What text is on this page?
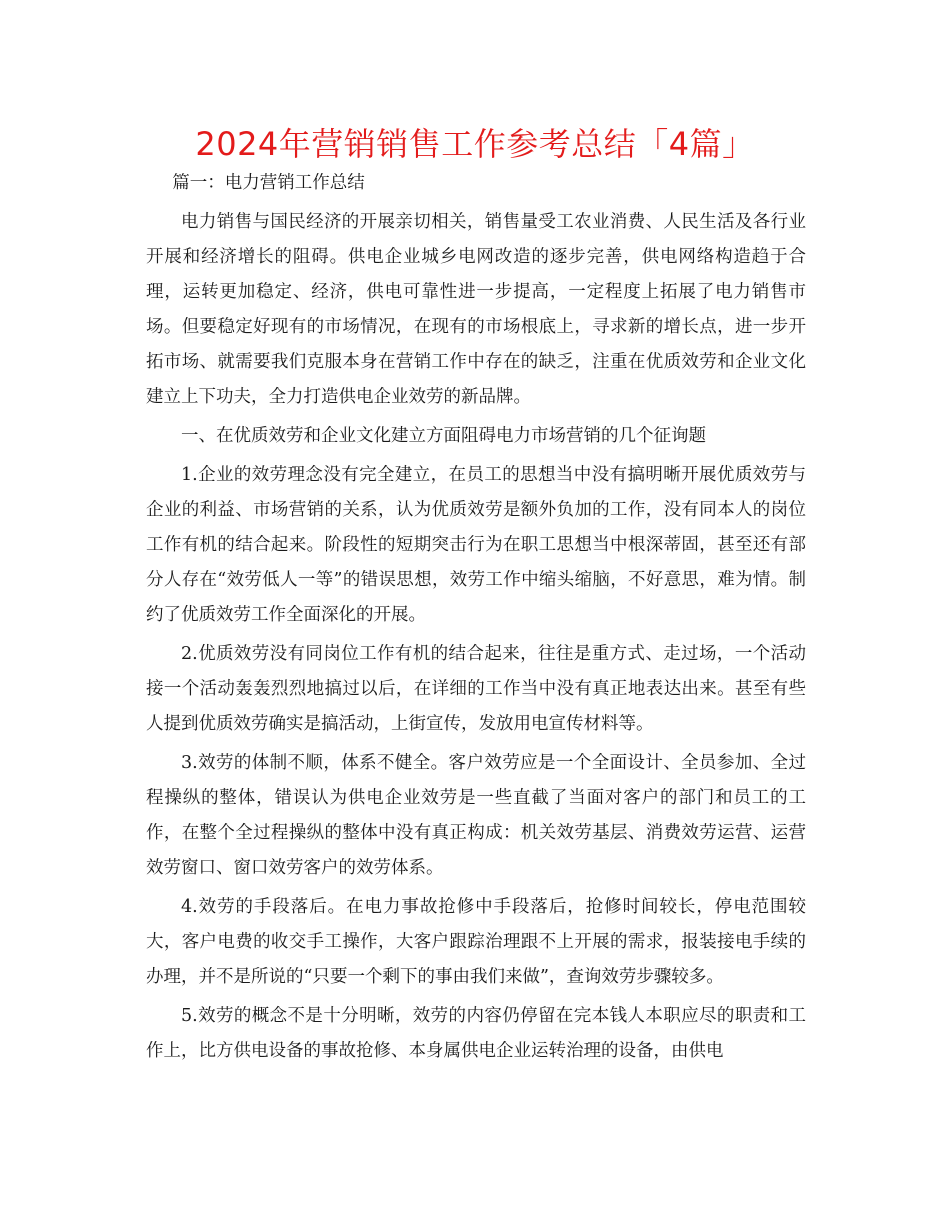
2024年营销销售工作参考总结「4篇」

篇一：电力营销工作总结

电力销售与国民经济的开展亲切相关，销售量受工农业消费、人民生活及各行业开展和经济增长的阻碍。供电企业城乡电网改造的逐步完善，供电网络构造趋于合理，运转更加稳定、经济，供电可靠性进一步提高，一定程度上拓展了电力销售市场。但要稳定好现有的市场情况，在现有的市场根底上，寻求新的增长点，进一步开拓市场、就需要我们克服本身在营销工作中存在的缺乏，注重在优质效劳和企业文化建立上下功夫，全力打造供电企业效劳的新品牌。

一、在优质效劳和企业文化建立方面阻碍电力市场营销的几个征询题

1.企业的效劳理念没有完全建立，在员工的思想当中没有搞明晰开展优质效劳与企业的利益、市场营销的关系，认为优质效劳是额外负加的工作，没有同本人的岗位工作有机的结合起来。阶段性的短期突击行为在职工思想当中根深蒂固，甚至还有部分人存在“效劳低人一等”的错误思想，效劳工作中缩头缩脑，不好意思，难为情。制约了优质效劳工作全面深化的开展。

2.优质效劳没有同岗位工作有机的结合起来，往往是重方式、走过场，一个活动接一个活动轰轰烈烈地搞过以后，在详细的工作当中没有真正地表达出来。甚至有些人提到优质效劳确实是搞活动，上街宣传，发放用电宣传材料等。

3.效劳的体制不顺，体系不健全。客户效劳应是一个全面设计、全员参加、全过程操纵的整体，错误认为供电企业效劳是一些直截了当面对客户的部门和员工的工作，在整个全过程操纵的整体中没有真正构成：机关效劳基层、消费效劳运营、运营效劳窗口、窗口效劳客户的效劳体系。

4.效劳的手段落后。在电力事故抢修中手段落后，抢修时间较长，停电范围较大，客户电费的收交手工操作，大客户跟踪治理跟不上开展的需求，报装接电手续的办理，并不是所说的“只要一个剩下的事由我们来做”，查询效劳步骤较多。

5.效劳的概念不是十分明晰，效劳的内容仍停留在完本钱人本职应尽的职责和工作上，比方供电设备的事故抢修、本身属供电企业运转治理的设备，由供电
